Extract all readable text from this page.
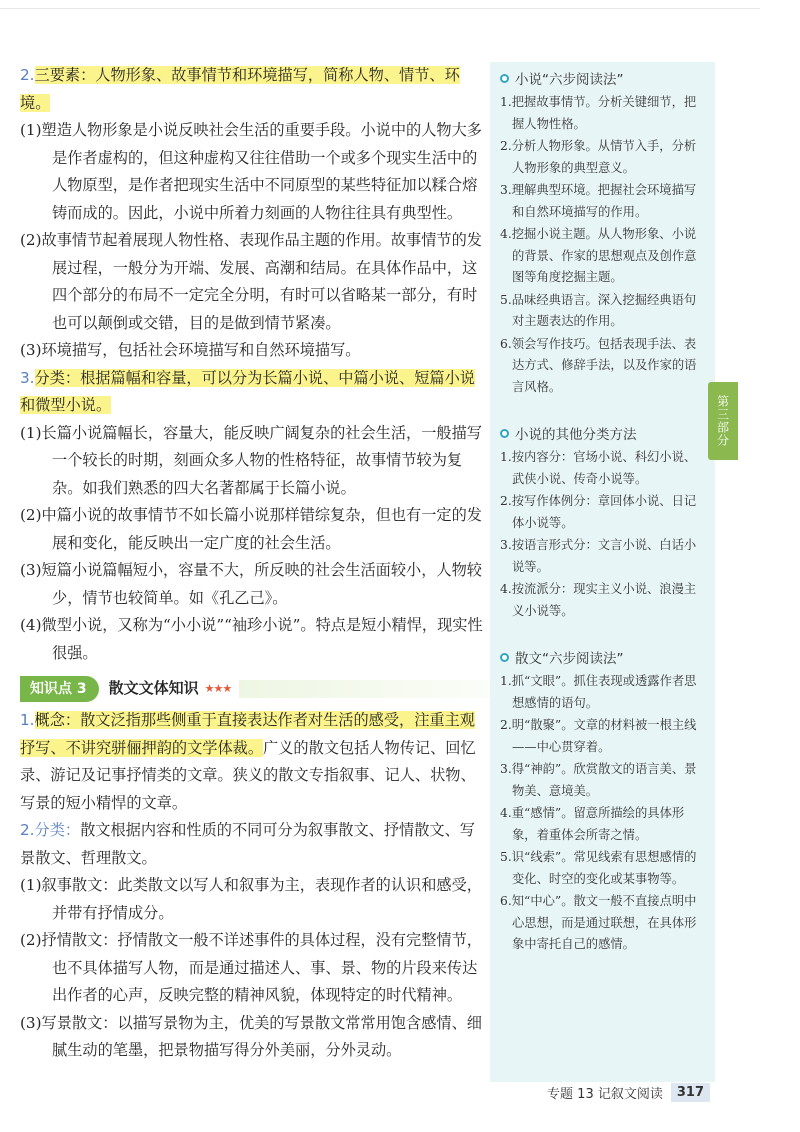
2.三要素：人物形象、故事情节和环境描写，简称人物、情节、环境。

(1)塑造人物形象是小说反映社会生活的重要手段。小说中的人物大多是作者虚构的，但这种虚构又往往借助一个或多个现实生活中的人物原型，是作者把现实生活中不同原型的某些特征加以糅合熔铸而成的。因此，小说中所着力刻画的人物往往具有典型性。

(2)故事情节起着展现人物性格、表现作品主题的作用。故事情节的发展过程，一般分为开端、发展、高潮和结局。在具体作品中，这四个部分的布局不一定完全分明，有时可以省略某一部分，有时也可以颠倒或交错，目的是做到情节紧凑。

(3)环境描写，包括社会环境描写和自然环境描写。

3.分类：根据篇幅和容量，可以分为长篇小说、中篇小说、短篇小说和微型小说。

(1)长篇小说篇幅长，容量大，能反映广阔复杂的社会生活，一般描写一个较长的时期，刻画众多人物的性格特征，故事情节较为复杂。如我们熟悉的四大名著都属于长篇小说。

(2)中篇小说的故事情节不如长篇小说那样错综复杂，但也有一定的发展和变化，能反映出一定广度的社会生活。

(3)短篇小说篇幅短小，容量不大，所反映的社会生活面较小，人物较少，情节也较简单。如《孔乙己》。

(4)微型小说，又称为“小小说”“袖珍小说”。特点是短小精悍，现实性很强。

知识点 3	散文文体知识 ★★★

1.概念：散文泛指那些侧重于直接表达作者对生活的感受，注重主观抒写、不讲究骈俪押韵的文学体裁。广义的散文包括人物传记、回忆录、游记及记事抒情类的文章。狭义的散文专指叙事、记人、状物、写景的短小精悍的文章。

2.分类：散文根据内容和性质的不同可分为叙事散文、抒情散文、写景散文、哲理散文。

(1)叙事散文：此类散文以写人和叙事为主，表现作者的认识和感受，并带有抒情成分。

(2)抒情散文：抒情散文一般不详述事件的具体过程，没有完整情节，也不具体描写人物，而是通过描述人、事、景、物的片段来传达出作者的心声，反映完整的精神风貌，体现特定的时代精神。

(3)写景散文：以描写景物为主，优美的写景散文常常用饱含感情、细腻生动的笔墨，把景物描写得分外美丽，分外灵动。

小说“六步阅读法”
1.把握故事情节。分析关键细节，把握人物性格。
2.分析人物形象。从情节入手，分析人物形象的典型意义。
3.理解典型环境。把握社会环境描写和自然环境描写的作用。
4.挖掘小说主题。从人物形象、小说的背景、作家的思想观点及创作意图等角度挖掘主题。
5.品味经典语言。深入挖掘经典语句对主题表达的作用。
6.领会写作技巧。包括表现手法、表达方式、修辞手法，以及作家的语言风格。
小说的其他分类方法
1.按内容分：官场小说、科幻小说、武侠小说、传奇小说等。
2.按写作体例分：章回体小说、日记体小说等。
3.按语言形式分：文言小说、白话小说等。
4.按流派分：现实主义小说、浪漫主义小说等。
散文“六步阅读法”
1.抓“文眼”。抓住表现或透露作者思想感情的语句。
2.明“散聚”。文章的材料被一根主线——中心贯穿着。
3.得“神韵”。欣赏散文的语言美、景物美、意境美。
4.重“感情”。留意所描绘的具体形象，着重体会所寄之情。
5.识“线索”。常见线索有思想感情的变化、时空的变化或某事物等。
6.知“中心”。散文一般不直接点明中心思想，而是通过联想，在具体形象中寄托自己的感情。
第三部分
专题 13 记叙文阅读	317
